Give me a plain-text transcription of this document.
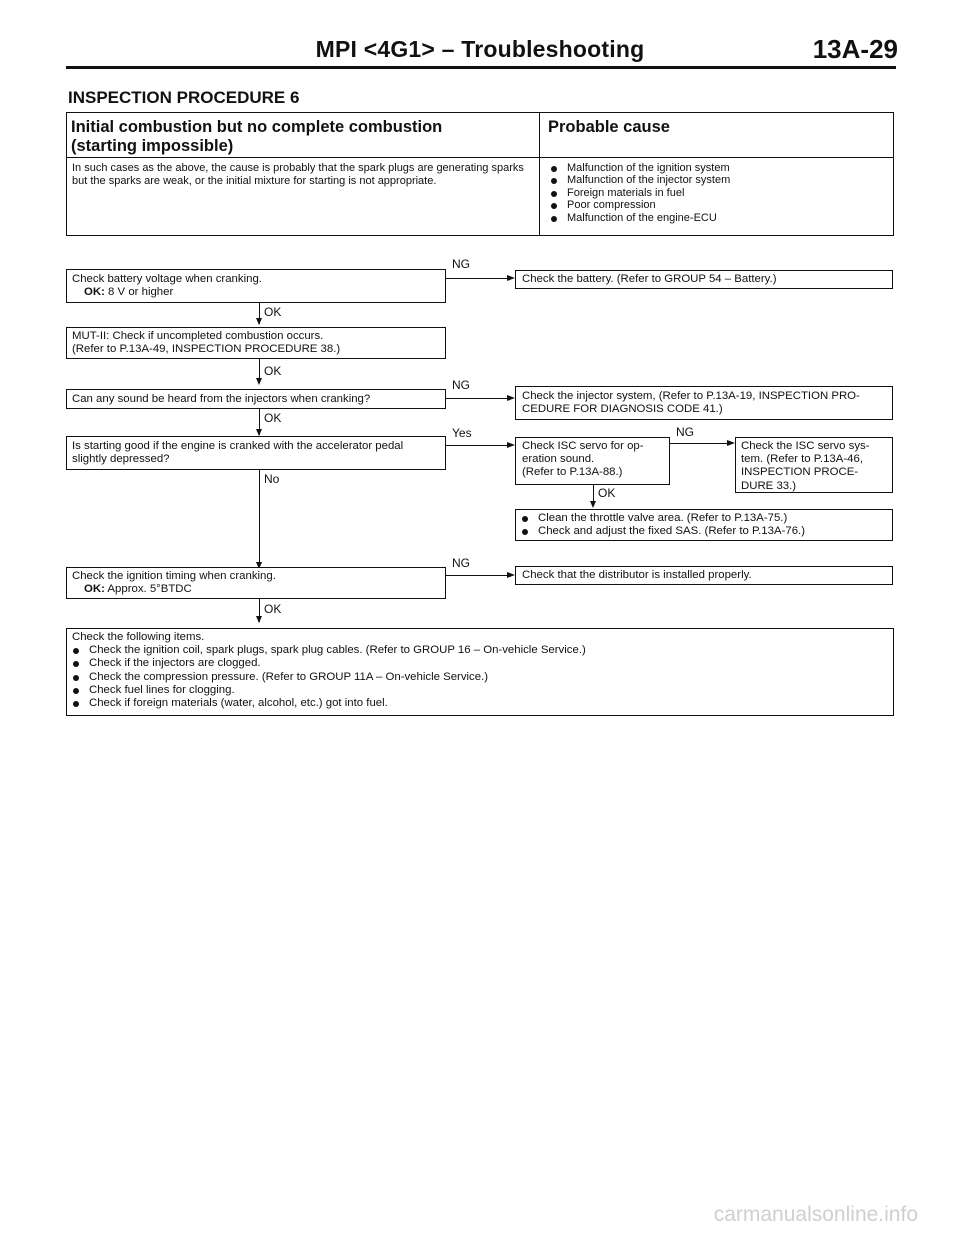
MPI <4G1> – Troubleshooting	13A-29
INSPECTION PROCEDURE 6
Initial combustion but no complete combustion
(starting impossible)
Probable cause
In such cases as the above, the cause is probably that the spark plugs are generating sparks but the sparks are weak, or the initial mixture for starting is not appropriate.
Malfunction of the ignition system
Malfunction of the injector system
Foreign materials in fuel
Poor compression
Malfunction of the engine-ECU
Check battery voltage when cranking.
OK: 8 V or higher
NG
Check the battery. (Refer to GROUP 54 – Battery.)
OK
MUT-II: Check if uncompleted combustion occurs.
(Refer to P.13A-49, INSPECTION PROCEDURE 38.)
OK
Can any sound be heard from the injectors when cranking?
NG
Check the injector system, (Refer to P.13A-19, INSPECTION PRO-
CEDURE FOR DIAGNOSIS CODE 41.)
OK
Is starting good if the engine is cranked with the accelerator pedal
slightly depressed?
Yes
No
Check ISC servo for op-
eration sound.
(Refer to P.13A-88.)
NG
Check the ISC servo sys-
tem. (Refer to P.13A-46,
INSPECTION PROCE-
DURE 33.)
OK
Clean the throttle valve area. (Refer to P.13A-75.)
Check and adjust the fixed SAS. (Refer to P.13A-76.)
Check the ignition timing when cranking.
OK: Approx. 5°BTDC
NG
Check that the distributor is installed properly.
OK
Check the following items.
Check the ignition coil, spark plugs, spark plug cables. (Refer to GROUP 16 – On-vehicle Service.)
Check if the injectors are clogged.
Check the compression pressure. (Refer to GROUP 11A – On-vehicle Service.)
Check fuel lines for clogging.
Check if foreign materials (water, alcohol, etc.) got into fuel.
carmanualsonline.info
